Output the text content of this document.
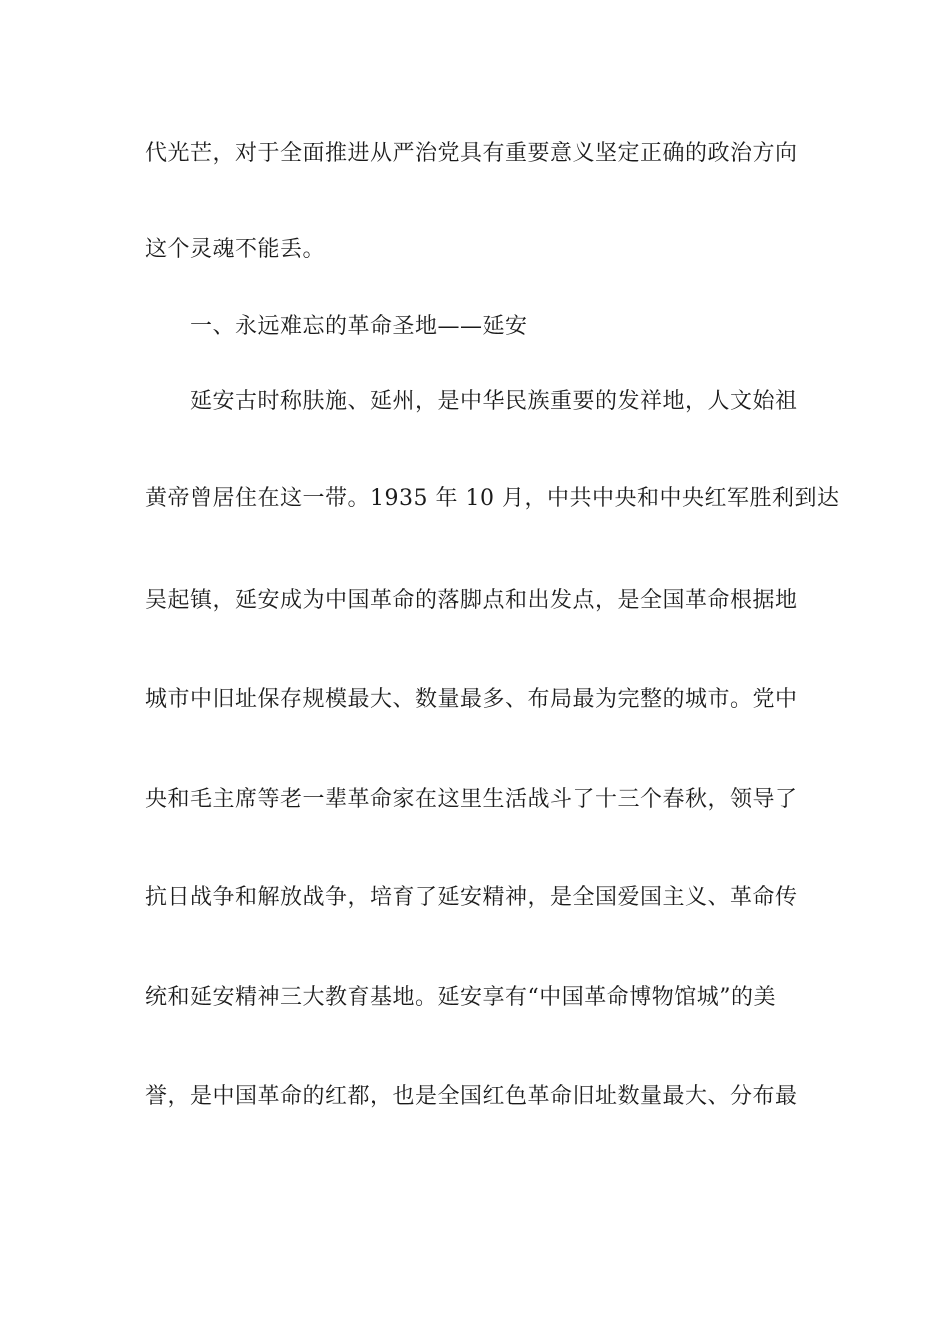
代光芒，对于全面推进从严治党具有重要意义坚定正确的政治方向
这个灵魂不能丢。
一、永远难忘的革命圣地——延安
延安古时称肤施、延州，是中华民族重要的发祥地，人文始祖
黄帝曾居住在这一带。1935 年 10 月，中共中央和中央红军胜利到达
吴起镇，延安成为中国革命的落脚点和出发点，是全国革命根据地
城市中旧址保存规模最大、数量最多、布局最为完整的城市。党中
央和毛主席等老一辈革命家在这里生活战斗了十三个春秋，领导了
抗日战争和解放战争，培育了延安精神，是全国爱国主义、革命传
统和延安精神三大教育基地。延安享有“中国革命博物馆城”的美
誉，是中国革命的红都，也是全国红色革命旧址数量最大、分布最
